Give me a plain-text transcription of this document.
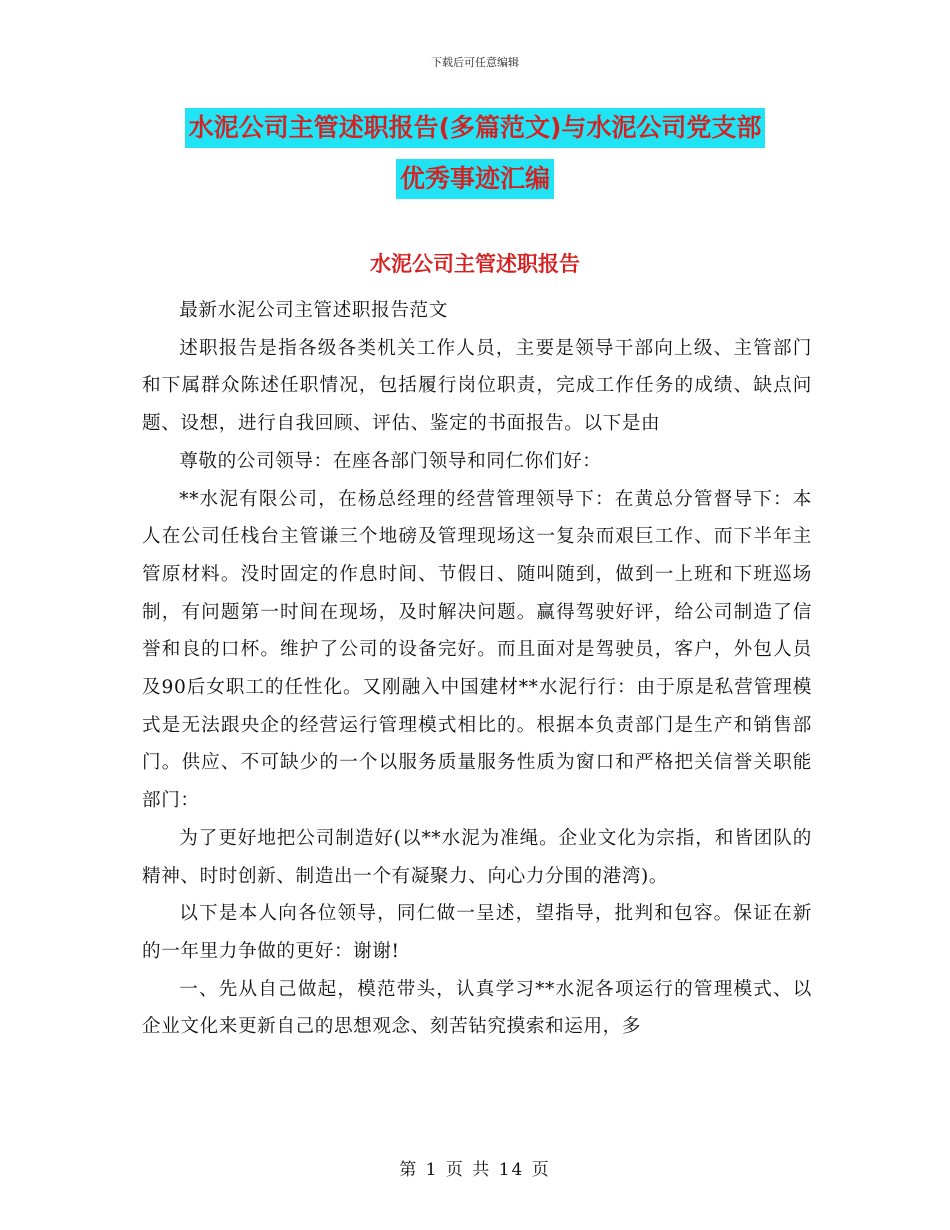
下载后可任意编辑
水泥公司主管述职报告(多篇范文)与水泥公司党支部
优秀事迹汇编
水泥公司主管述职报告

最新水泥公司主管述职报告范文

述职报告是指各级各类机关工作人员，主要是领导干部向上级、主管部门和下属群众陈述任职情况，包括履行岗位职责，完成工作任务的成绩、缺点问题、设想，进行自我回顾、评估、鉴定的书面报告。以下是由

尊敬的公司领导：在座各部门领导和同仁你们好：

**水泥有限公司，在杨总经理的经营管理领导下：在黄总分管督导下：本人在公司任栈台主管谦三个地磅及管理现场这一复杂而艰巨工作、而下半年主管原材料。没时固定的作息时间、节假日、随叫随到，做到一上班和下班巡场制，有问题第一时间在现场，及时解决问题。赢得驾驶好评，给公司制造了信誉和良的口杯。维护了公司的设备完好。而且面对是驾驶员，客户，外包人员及90后女职工的任性化。又刚融入中国建材**水泥行行：由于原是私营管理模式是无法跟央企的经营运行管理模式相比的。根据本负责部门是生产和销售部门。供应、不可缺少的一个以服务质量服务性质为窗口和严格把关信誉关职能部门：

为了更好地把公司制造好(以**水泥为准绳。企业文化为宗指，和皆团队的精神、时时创新、制造出一个有凝聚力、向心力分围的港湾)。

以下是本人向各位领导，同仁做一呈述，望指导，批判和包容。保证在新的一年里力争做的更好：谢谢!

一、先从自己做起，模范带头，认真学习**水泥各项运行的管理模式、以企业文化来更新自己的思想观念、刻苦钻究摸索和运用，多

第 1 页 共 14 页
